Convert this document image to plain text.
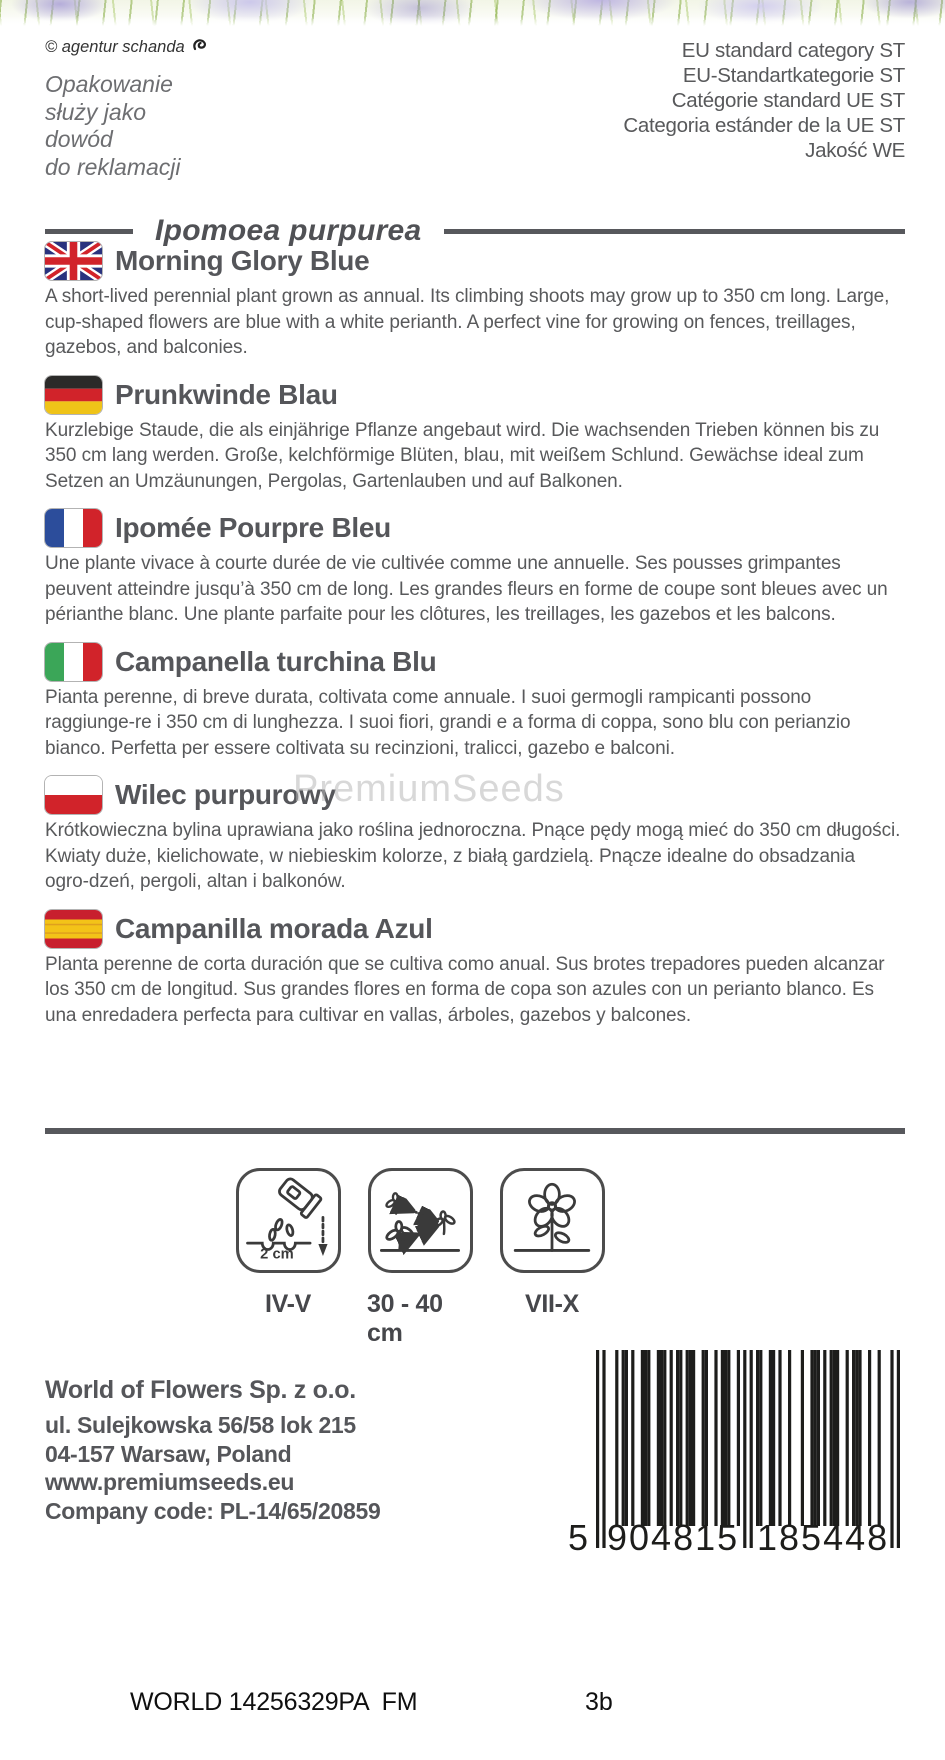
© agentur schanda
Opakowanie
służy jako
dowód
do reklamacji
EU standard category ST
EU-Standartkategorie ST
Catégorie standard UE ST
Categoria estánder de la UE ST
Jakość WE
Ipomoea purpurea
Morning Glory Blue
A short-lived perennial plant grown as annual. Its climbing shoots may grow up to 350 cm long. Large, cup-shaped flowers are blue with a white perianth. A perfect vine for growing on fences, treillages, gazebos, and balconies.
Prunkwinde Blau
Kurzlebige Staude, die als einjährige Pflanze angebaut wird. Die wachsenden Trieben können bis zu 350 cm lang werden. Große, kelchförmige Blüten, blau, mit weißem Schlund. Gewächse ideal zum Setzen an Umzäunungen, Pergolas, Gartenlauben und auf Balkonen.
Ipomée Pourpre Bleu
Une plante vivace à courte durée de vie cultivée comme une annuelle. Ses pousses grimpantes peuvent atteindre jusqu’à 350 cm de long. Les grandes fleurs en forme de coupe sont bleues avec un périanthe blanc. Une plante parfaite pour les clôtures, les treillages, les gazebos et les balcons.
Campanella turchina Blu
Pianta perenne, di breve durata, coltivata come annuale. I suoi germogli rampicanti possono raggiunge-re i 350 cm di lunghezza. I suoi fiori, grandi e a forma di coppa, sono blu con perianzio bianco. Perfetta per essere coltivata su recinzioni, tralicci, gazebo e balconi.
Wilec purpurowy
Krótkowieczna bylina uprawiana jako roślina jednoroczna. Pnące pędy mogą mieć do 350 cm długości. Kwiaty duże, kielichowate, w niebieskim kolorze, z białą gardzielą. Pnącze idealne do obsadzania ogro-dzeń, pergoli, altan i balkonów.
Campanilla morada Azul
Planta perenne de corta duración que se cultiva como anual. Sus brotes trepadores pueden alcanzar los 350 cm de longitud. Sus grandes flores en forma de copa son azules con un perianto blanco. Es una enredadera perfecta para cultivar en vallas, árboles, gazebos y balcones.
PremiumSeeds
2 cm
IV-V 30 - 40 cm
VII-X
World of Flowers Sp. z o.o.
ul. Sulejkowska 56/58 lok 215
04-157 Warsaw, Poland
www.premiumseeds.eu
Company code: PL-14/65/20859
5 904815 185448
WORLD 14256329PA  FM	3b
